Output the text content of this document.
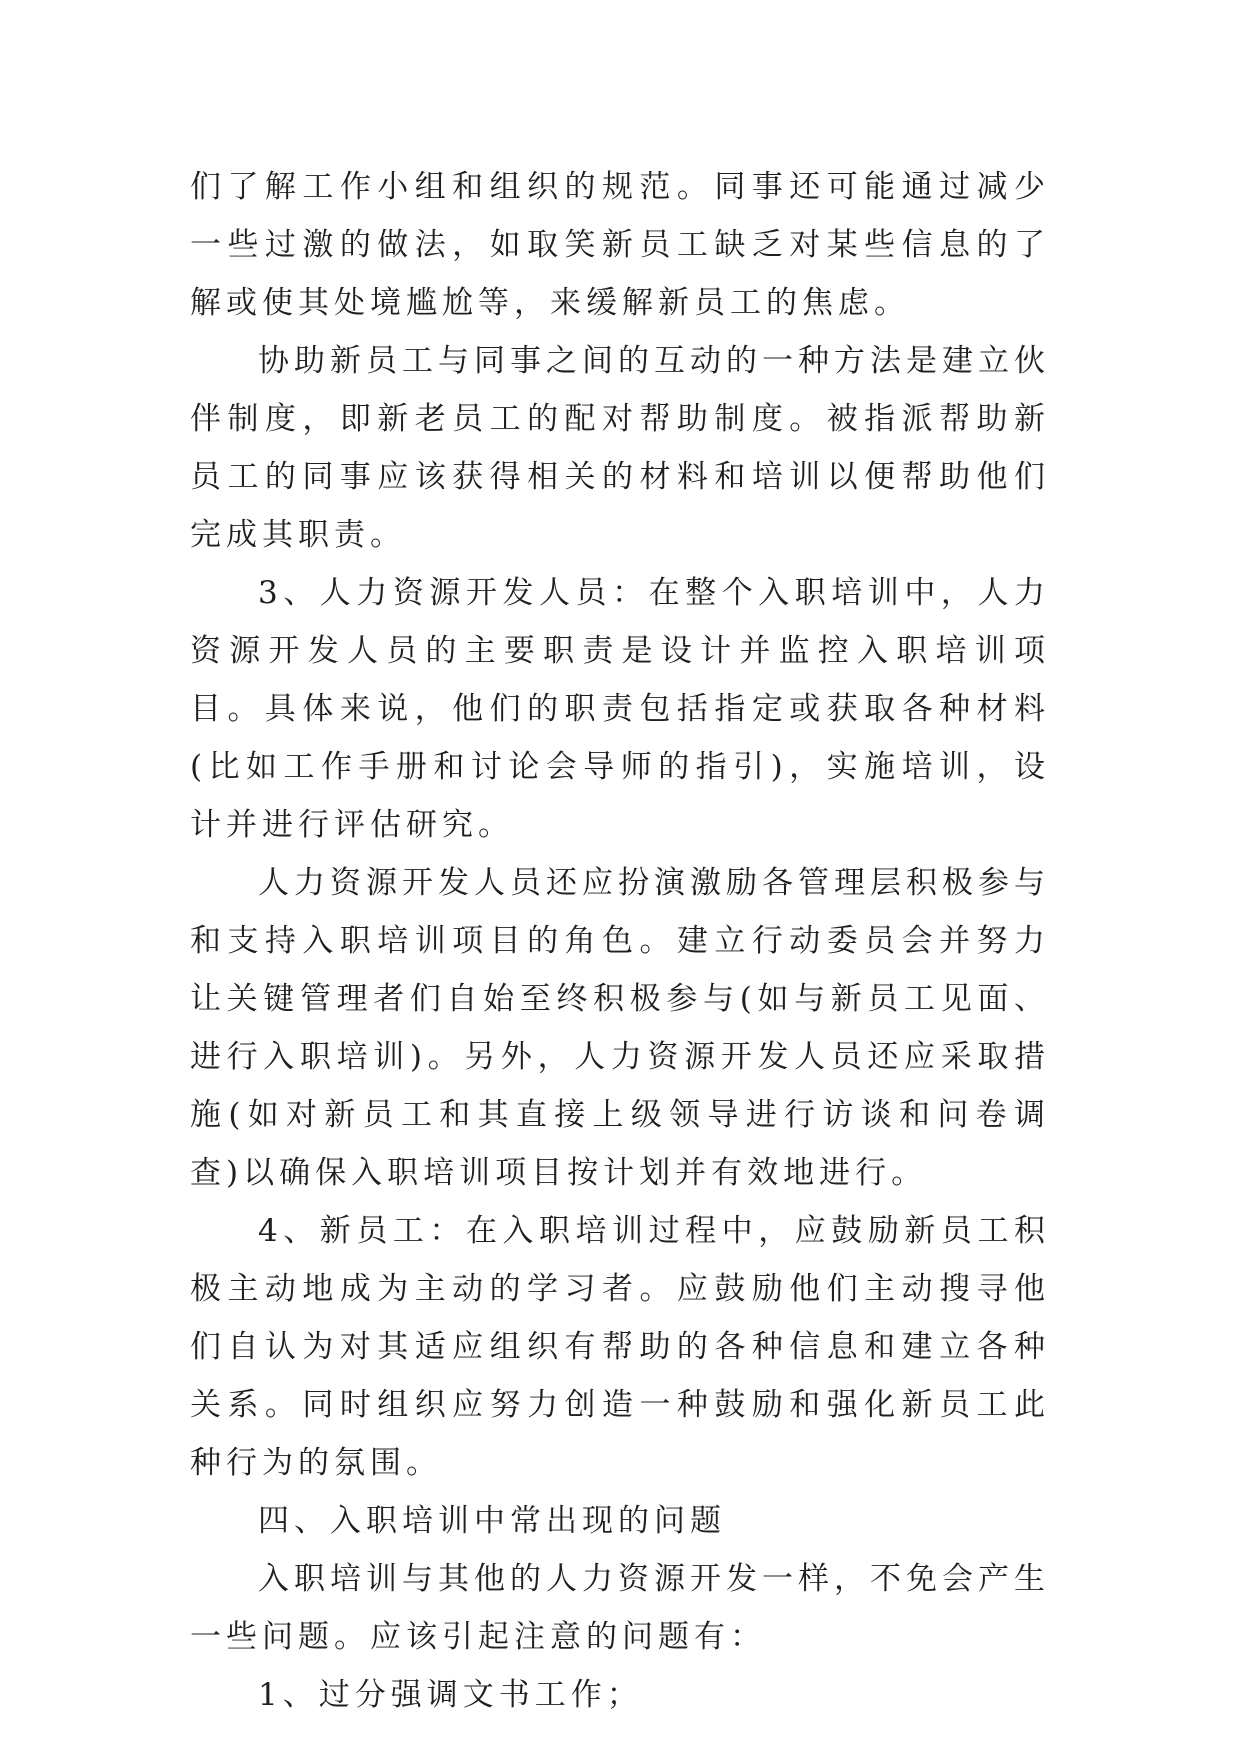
们了解工作小组和组织的规范。同事还可能通过减少一些过激的做法，如取笑新员工缺乏对某些信息的了解或使其处境尴尬等，来缓解新员工的焦虑。

协助新员工与同事之间的互动的一种方法是建立伙伴制度，即新老员工的配对帮助制度。被指派帮助新员工的同事应该获得相关的材料和培训以便帮助他们完成其职责。

3、人力资源开发人员：在整个入职培训中，人力资源开发人员的主要职责是设计并监控入职培训项目。具体来说，他们的职责包括指定或获取各种材料(比如工作手册和讨论会导师的指引)，实施培训，设计并进行评估研究。

人力资源开发人员还应扮演激励各管理层积极参与和支持入职培训项目的角色。建立行动委员会并努力让关键管理者们自始至终积极参与(如与新员工见面、进行入职培训)。另外，人力资源开发人员还应采取措施(如对新员工和其直接上级领导进行访谈和问卷调查)以确保入职培训项目按计划并有效地进行。

4、新员工：在入职培训过程中，应鼓励新员工积极主动地成为主动的学习者。应鼓励他们主动搜寻他们自认为对其适应组织有帮助的各种信息和建立各种关系。同时组织应努力创造一种鼓励和强化新员工此种行为的氛围。

四、入职培训中常出现的问题

入职培训与其他的人力资源开发一样，不免会产生一些问题。应该引起注意的问题有：

1、过分强调文书工作；
